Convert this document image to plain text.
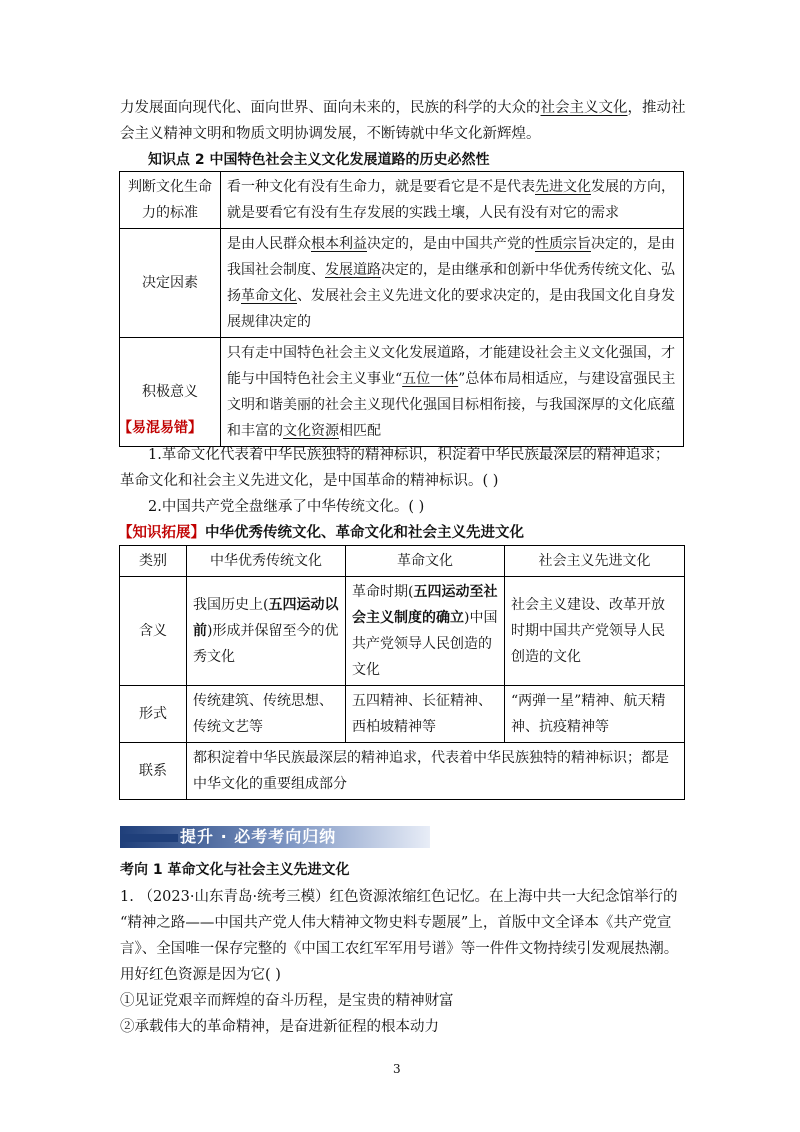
力发展面向现代化、面向世界、面向未来的，民族的科学的大众的社会主义文化，推动社
会主义精神文明和物质文明协调发展，不断铸就中华文化新辉煌。
知识点 2 中国特色社会主义文化发展道路的历史必然性
判断文化生命力的标准	看一种文化有没有生命力，就是要看它是不是代表先进文化发展的方向，就是要看它有没有生存发展的实践土壤，人民有没有对它的需求
决定因素	是由人民群众根本利益决定的，是由中国共产党的性质宗旨决定的，是由我国社会制度、发展道路决定的，是由继承和创新中华优秀传统文化、弘扬革命文化、发展社会主义先进文化的要求决定的，是由我国文化自身发展规律决定的
积极意义	只有走中国特色社会主义文化发展道路，才能建设社会主义文化强国，才能与中国特色社会主义事业“五位一体”总体布局相适应，与建设富强民主文明和谐美丽的社会主义现代化强国目标相衔接，与我国深厚的文化底蕴和丰富的文化资源相匹配
【易混易错】
1.革命文化代表着中华民族独特的精神标识，积淀着中华民族最深层的精神追求；
革命文化和社会主义先进文化，是中国革命的精神标识。( )
2.中国共产党全盘继承了中华传统文化。( )
【知识拓展】中华优秀传统文化、革命文化和社会主义先进文化
类别	中华优秀传统文化	革命文化	社会主义先进文化
含义	我国历史上(五四运动以前)形成并保留至今的优秀文化	革命时期(五四运动至社会主义制度的确立)中国共产党领导人民创造的文化	社会主义建设、改革开放时期中国共产党领导人民创造的文化
形式	传统建筑、传统思想、传统文艺等	五四精神、长征精神、西柏坡精神等	“两弹一星”精神、航天精神、抗疫精神等
联系	都积淀着中华民族最深层的精神追求，代表着中华民族独特的精神标识；都是中华文化的重要组成部分		
提升 · 必考考向归纳
考向 1 革命文化与社会主义先进文化
1. （2023·山东青岛·统考三模）红色资源浓缩红色记忆。在上海中共一大纪念馆举行的
“精神之路——中国共产党人伟大精神文物史料专题展”上，首版中文全译本《共产党宣
言》、全国唯一保存完整的《中国工农红军军用号谱》等一件件文物持续引发观展热潮。
用好红色资源是因为它( )
①见证党艰辛而辉煌的奋斗历程，是宝贵的精神财富
②承载伟大的革命精神，是奋进新征程的根本动力
3
